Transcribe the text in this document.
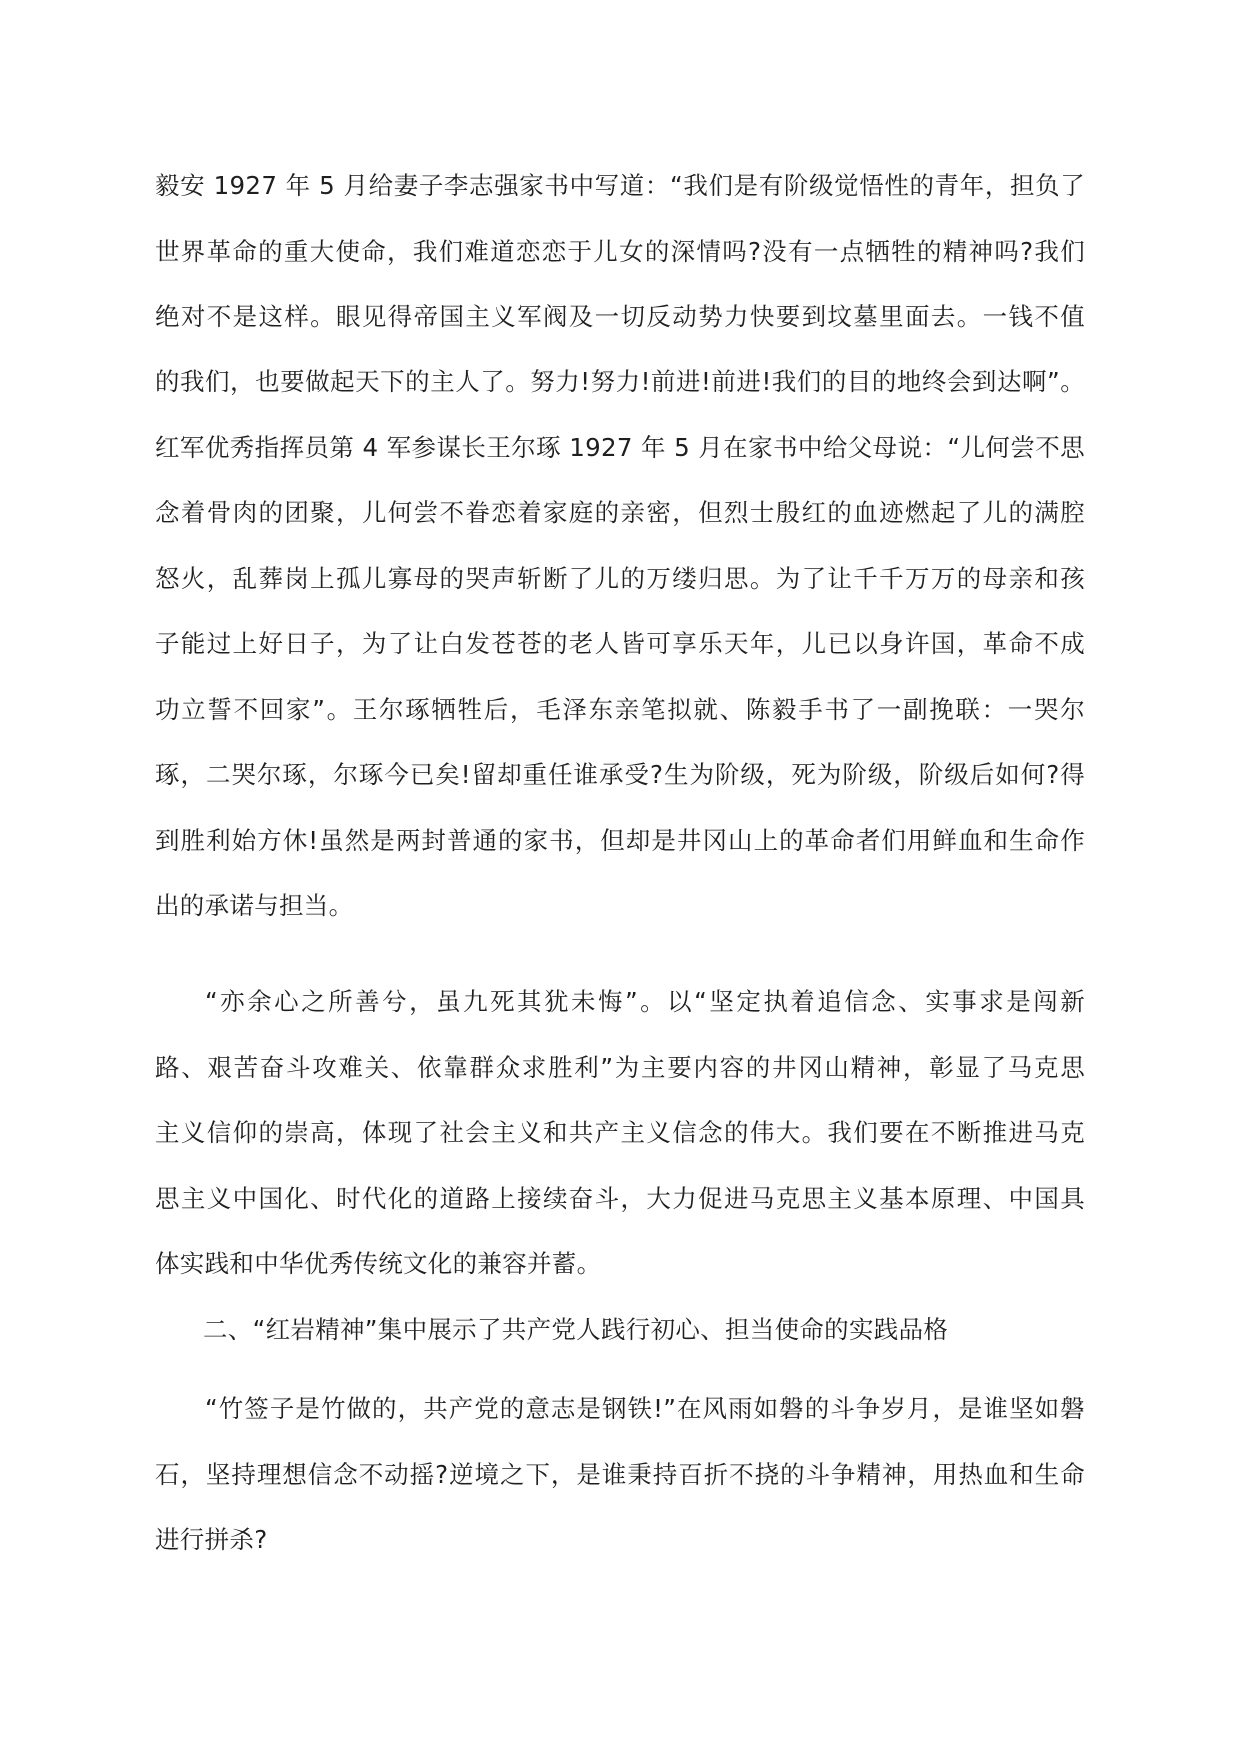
毅安 1927 年 5 月给妻子李志强家书中写道：“我们是有阶级觉悟性的青年，担负了
世界革命的重大使命，我们难道恋恋于儿女的深情吗?没有一点牺牲的精神吗?我们
绝对不是这样。眼见得帝国主义军阀及一切反动势力快要到坟墓里面去。一钱不值
的我们，也要做起天下的主人了。努力!努力!前进!前进!我们的目的地终会到达啊”。
红军优秀指挥员第 4 军参谋长王尔琢 1927 年 5 月在家书中给父母说：“儿何尝不思
念着骨肉的团聚，儿何尝不眷恋着家庭的亲密，但烈士殷红的血迹燃起了儿的满腔
怒火，乱葬岗上孤儿寡母的哭声斩断了儿的万缕归思。为了让千千万万的母亲和孩
子能过上好日子，为了让白发苍苍的老人皆可享乐天年，儿已以身许国，革命不成
功立誓不回家”。王尔琢牺牲后，毛泽东亲笔拟就、陈毅手书了一副挽联：一哭尔
琢，二哭尔琢，尔琢今已矣!留却重任谁承受?生为阶级，死为阶级，阶级后如何?得
到胜利始方休!虽然是两封普通的家书，但却是井冈山上的革命者们用鲜血和生命作
出的承诺与担当。
“亦余心之所善兮，虽九死其犹未悔”。以“坚定执着追信念、实事求是闯新
路、艰苦奋斗攻难关、依靠群众求胜利”为主要内容的井冈山精神，彰显了马克思
主义信仰的崇高，体现了社会主义和共产主义信念的伟大。我们要在不断推进马克
思主义中国化、时代化的道路上接续奋斗，大力促进马克思主义基本原理、中国具
体实践和中华优秀传统文化的兼容并蓄。
二、“红岩精神”集中展示了共产党人践行初心、担当使命的实践品格
“竹签子是竹做的，共产党的意志是钢铁!”在风雨如磐的斗争岁月，是谁坚如磐
石，坚持理想信念不动摇?逆境之下，是谁秉持百折不挠的斗争精神，用热血和生命
进行拼杀?
